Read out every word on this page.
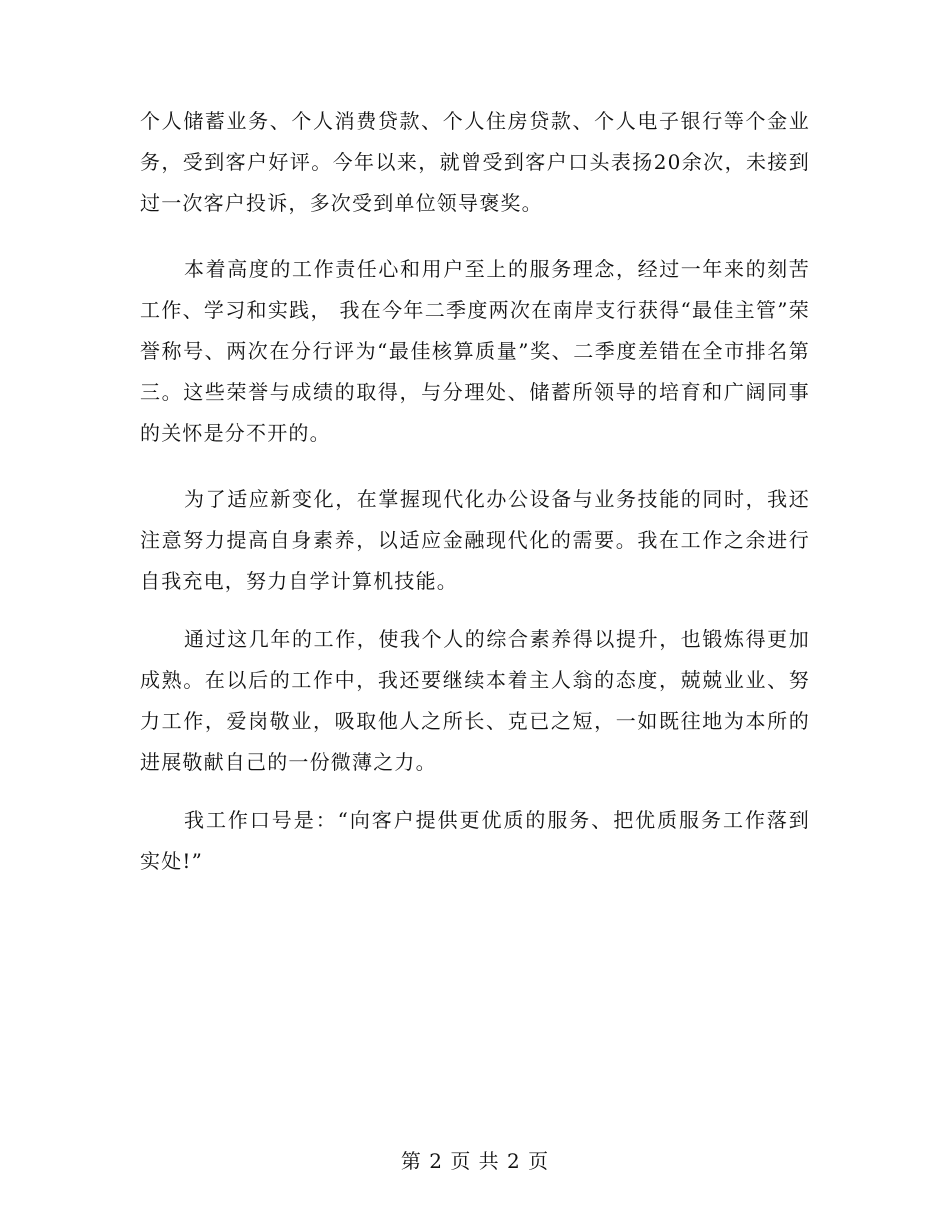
个人储蓄业务、个人消费贷款、个人住房贷款、个人电子银行等个金业务，受到客户好评。今年以来，就曾受到客户口头表扬20余次，未接到过一次客户投诉，多次受到单位领导褒奖。

本着高度的工作责任心和用户至上的服务理念，经过一年来的刻苦工作、学习和实践， 我在今年二季度两次在南岸支行获得“最佳主管”荣誉称号、两次在分行评为“最佳核算质量”奖、二季度差错在全市排名第三。这些荣誉与成绩的取得，与分理处、储蓄所领导的培育和广阔同事的关怀是分不开的。

为了适应新变化，在掌握现代化办公设备与业务技能的同时，我还注意努力提高自身素养，以适应金融现代化的需要。我在工作之余进行自我充电，努力自学计算机技能。

通过这几年的工作，使我个人的综合素养得以提升，也锻炼得更加成熟。在以后的工作中，我还要继续本着主人翁的态度，兢兢业业、努力工作，爱岗敬业，吸取他人之所长、克已之短，一如既往地为本所的进展敬献自己的一份微薄之力。

我工作口号是：“向客户提供更优质的服务、把优质服务工作落到实处!”

第 2 页 共 2 页
